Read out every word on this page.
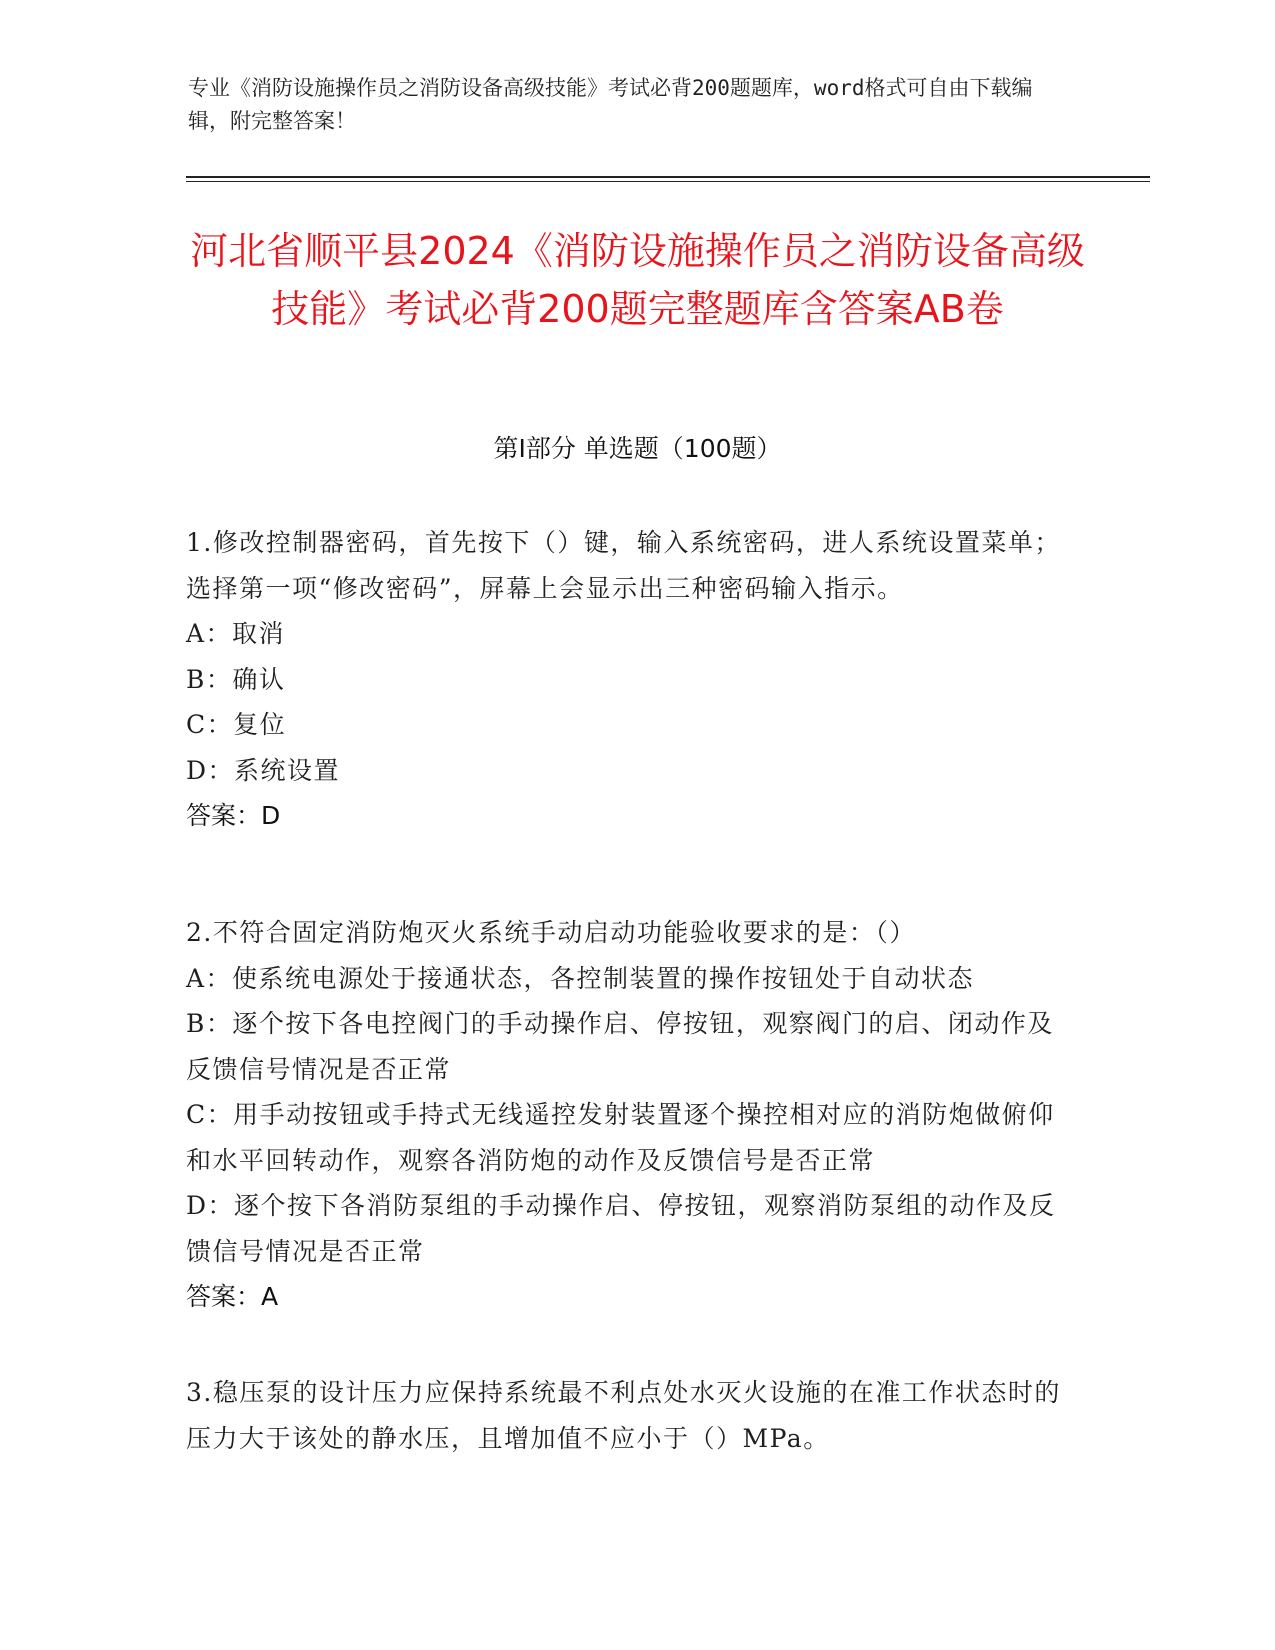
专业《消防设施操作员之消防设备高级技能》考试必背200题题库，word格式可自由下载编辑，附完整答案！
河北省顺平县2024《消防设施操作员之消防设备高级技能》考试必背200题完整题库含答案AB卷
第I部分 单选题（100题）

1.修改控制器密码，首先按下（）键，输入系统密码，进人系统设置菜单；选择第一项“修改密码”，屏幕上会显示出三种密码输入指示。

A：取消

B：确认

C：复位

D：系统设置

答案：D

2.不符合固定消防炮灭火系统手动启动功能验收要求的是：（）

A：使系统电源处于接通状态，各控制装置的操作按钮处于自动状态

B：逐个按下各电控阀门的手动操作启、停按钮，观察阀门的启、闭动作及反馈信号情况是否正常

C：用手动按钮或手持式无线遥控发射装置逐个操控相对应的消防炮做俯仰和水平回转动作，观察各消防炮的动作及反馈信号是否正常

D：逐个按下各消防泵组的手动操作启、停按钮，观察消防泵组的动作及反馈信号情况是否正常

答案：A

3.稳压泵的设计压力应保持系统最不利点处水灭火设施的在准工作状态时的压力大于该处的静水压，且增加值不应小于（）MPa。
